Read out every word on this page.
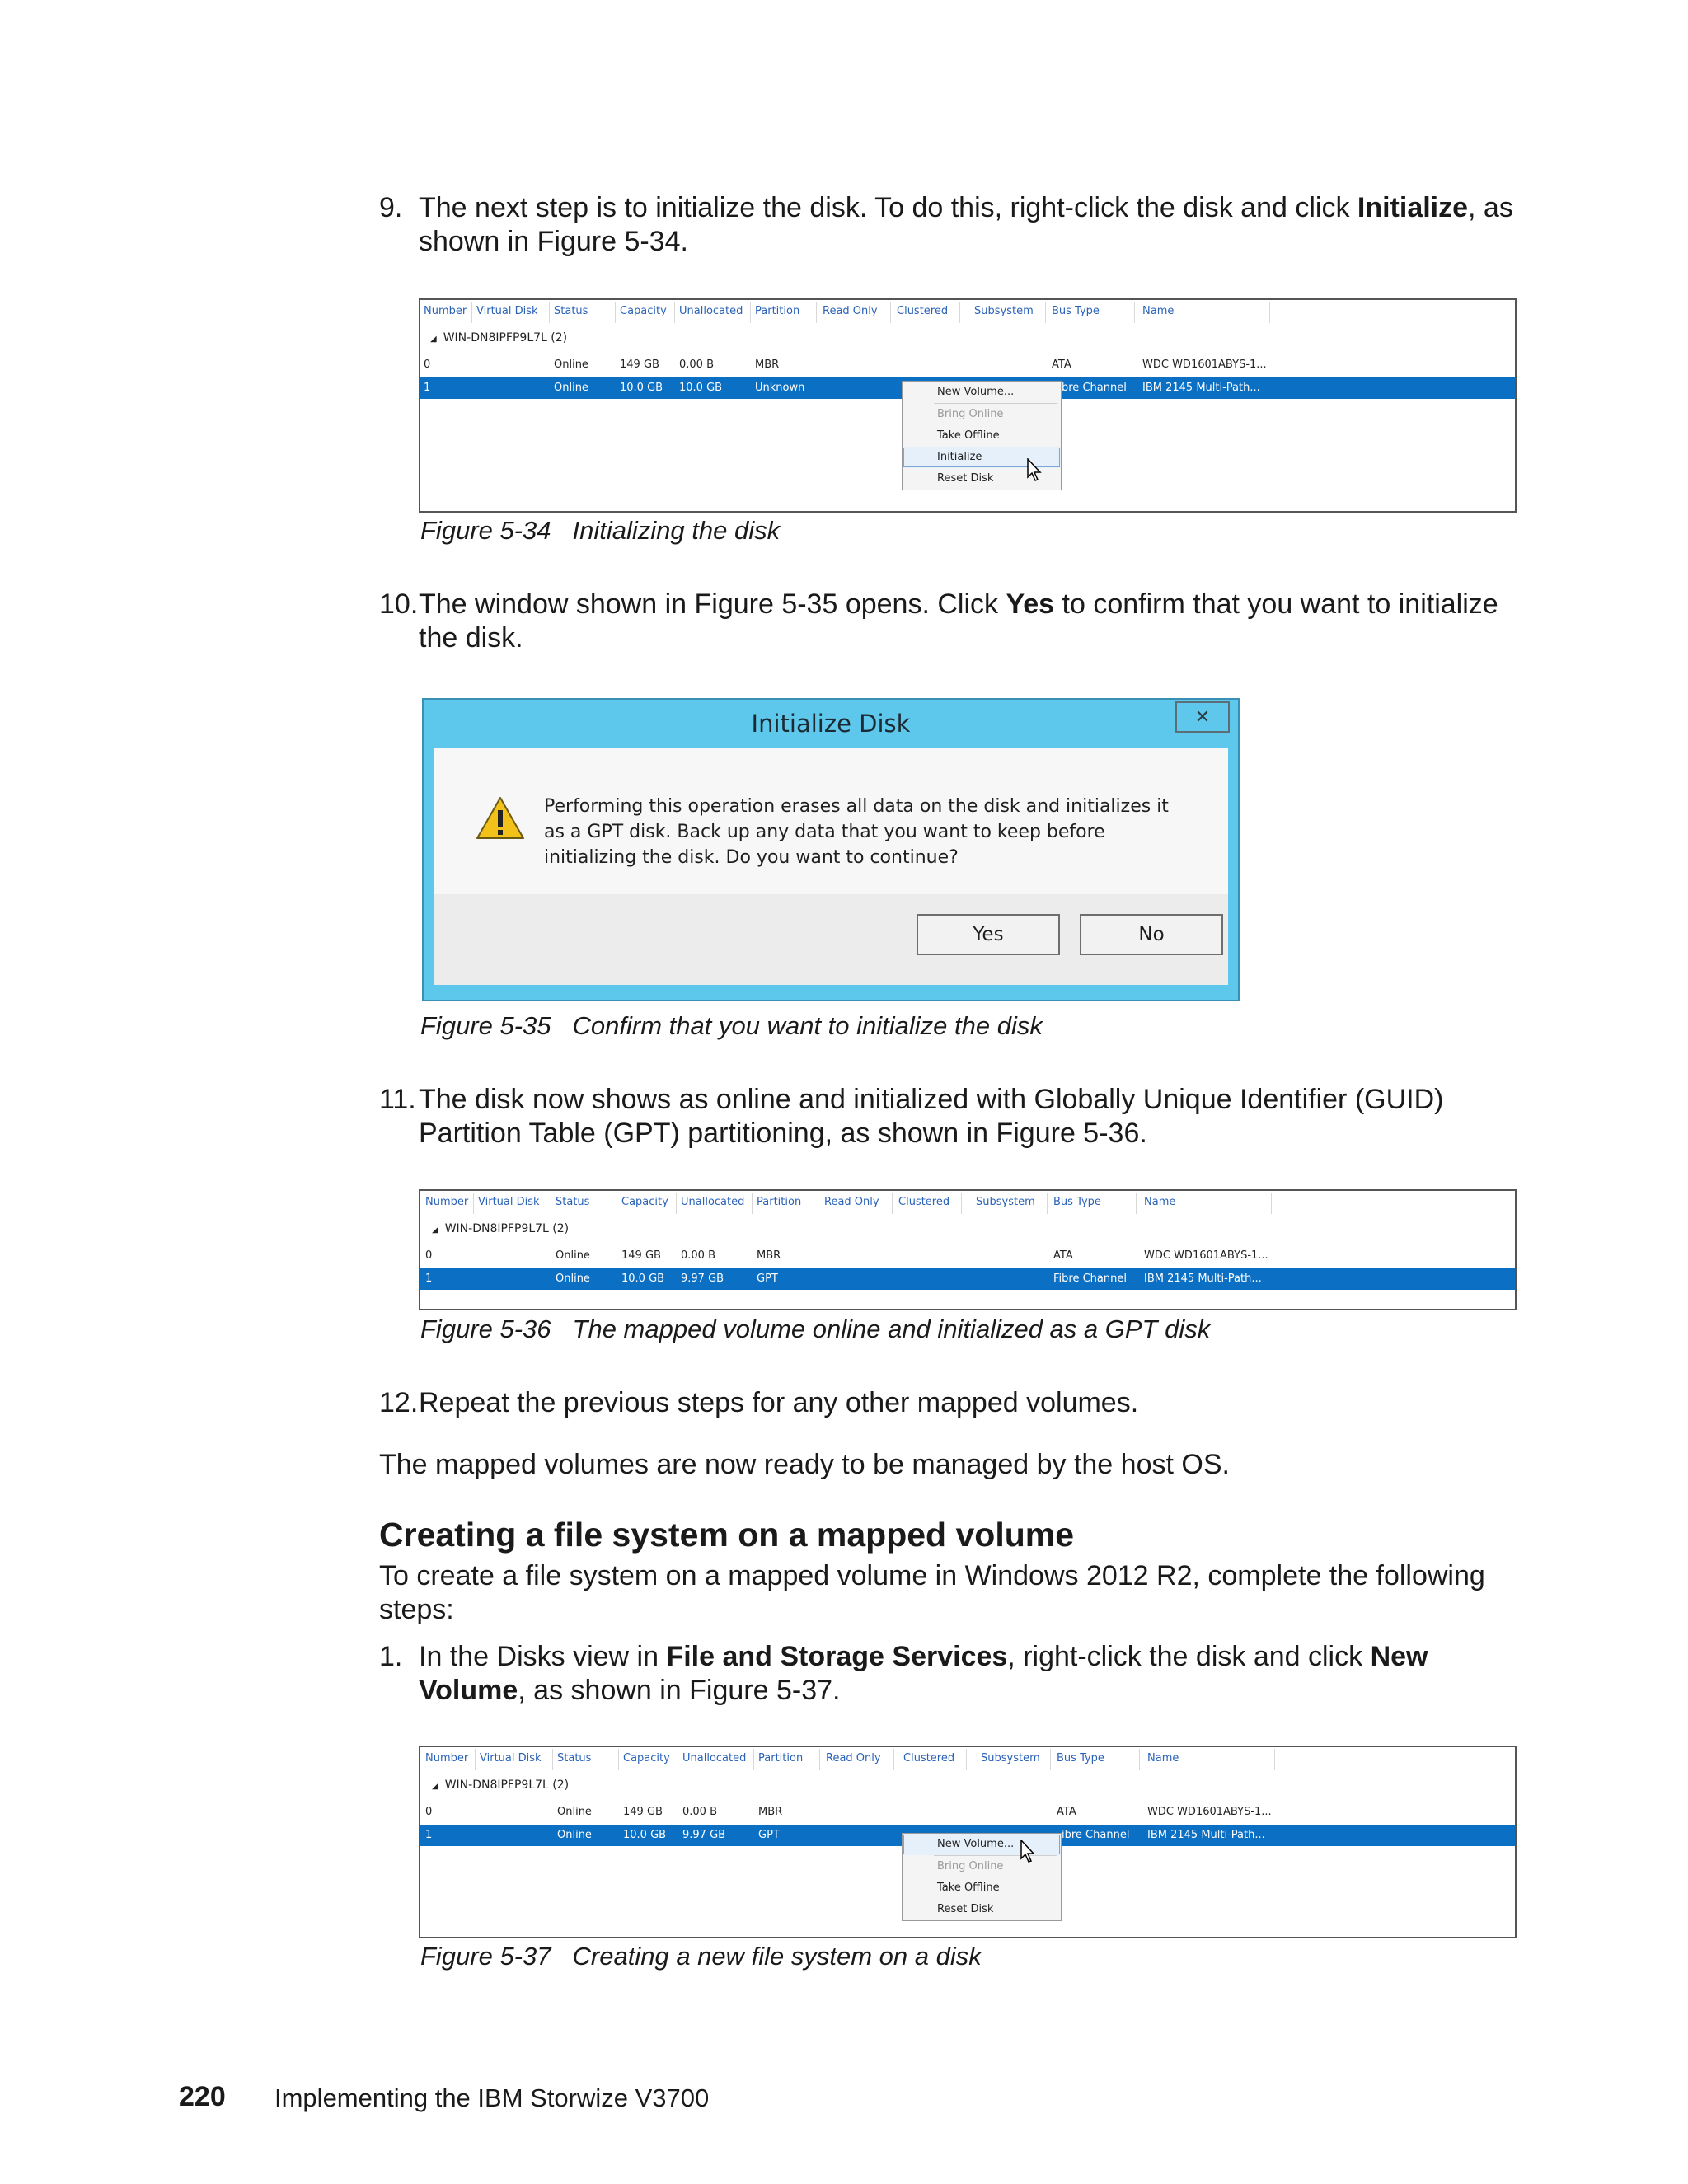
9. The next step is to initialize the disk. To do this, right-click the disk and click Initialize, as shown in Figure 5-34.
Number Virtual Disk Status	Capacity Unallocated Partition Read Only Clustered Subsystem Bus Type	Name
◢ WIN-DN8IPFP9L7L (2)
0	Online	149 GB 0.00 B	MBR	ATA	WDC WD1601ABYS-1...
1	Online	10.0 GB 10.0 GB	Unknown	bre Channel IBM 2145 Multi-Path...
New Volume...
Bring Online
Take Offline
Initialize
Reset Disk
Figure 5-34 Initializing the disk
10. The window shown in Figure 5-35 opens. Click Yes to confirm that you want to initialize the disk.
Initialize Disk	✕
Performing this operation erases all data on the disk and initializes it as a GPT disk. Back up any data that you want to keep before initializing the disk. Do you want to continue?
Yes	No
Figure 5-35 Confirm that you want to initialize the disk
11. The disk now shows as online and initialized with Globally Unique Identifier (GUID) Partition Table (GPT) partitioning, as shown in Figure 5-36.
Number Virtual Disk Status	Capacity Unallocated Partition Read Only Clustered Subsystem Bus Type	Name
◢ WIN-DN8IPFP9L7L (2)
0	Online	149 GB 0.00 B	MBR	ATA	WDC WD1601ABYS-1...
1	Online	10.0 GB 9.97 GB	GPT	Fibre Channel IBM 2145 Multi-Path...
Figure 5-36 The mapped volume online and initialized as a GPT disk
12. Repeat the previous steps for any other mapped volumes.
The mapped volumes are now ready to be managed by the host OS.
Creating a file system on a mapped volume
To create a file system on a mapped volume in Windows 2012 R2, complete the following steps:
1. In the Disks view in File and Storage Services, right-click the disk and click New Volume, as shown in Figure 5-37.
Number Virtual Disk Status	Capacity Unallocated Partition Read Only Clustered Subsystem Bus Type	Name
◢ WIN-DN8IPFP9L7L (2)
0	Online	149 GB 0.00 B	MBR	ATA	WDC WD1601ABYS-1...
1	Online	10.0 GB 9.97 GB	GPT	ibre Channel IBM 2145 Multi-Path...
New Volume...
Bring Online
Take Offline
Reset Disk
Figure 5-37 Creating a new file system on a disk
220 Implementing the IBM Storwize V3700
